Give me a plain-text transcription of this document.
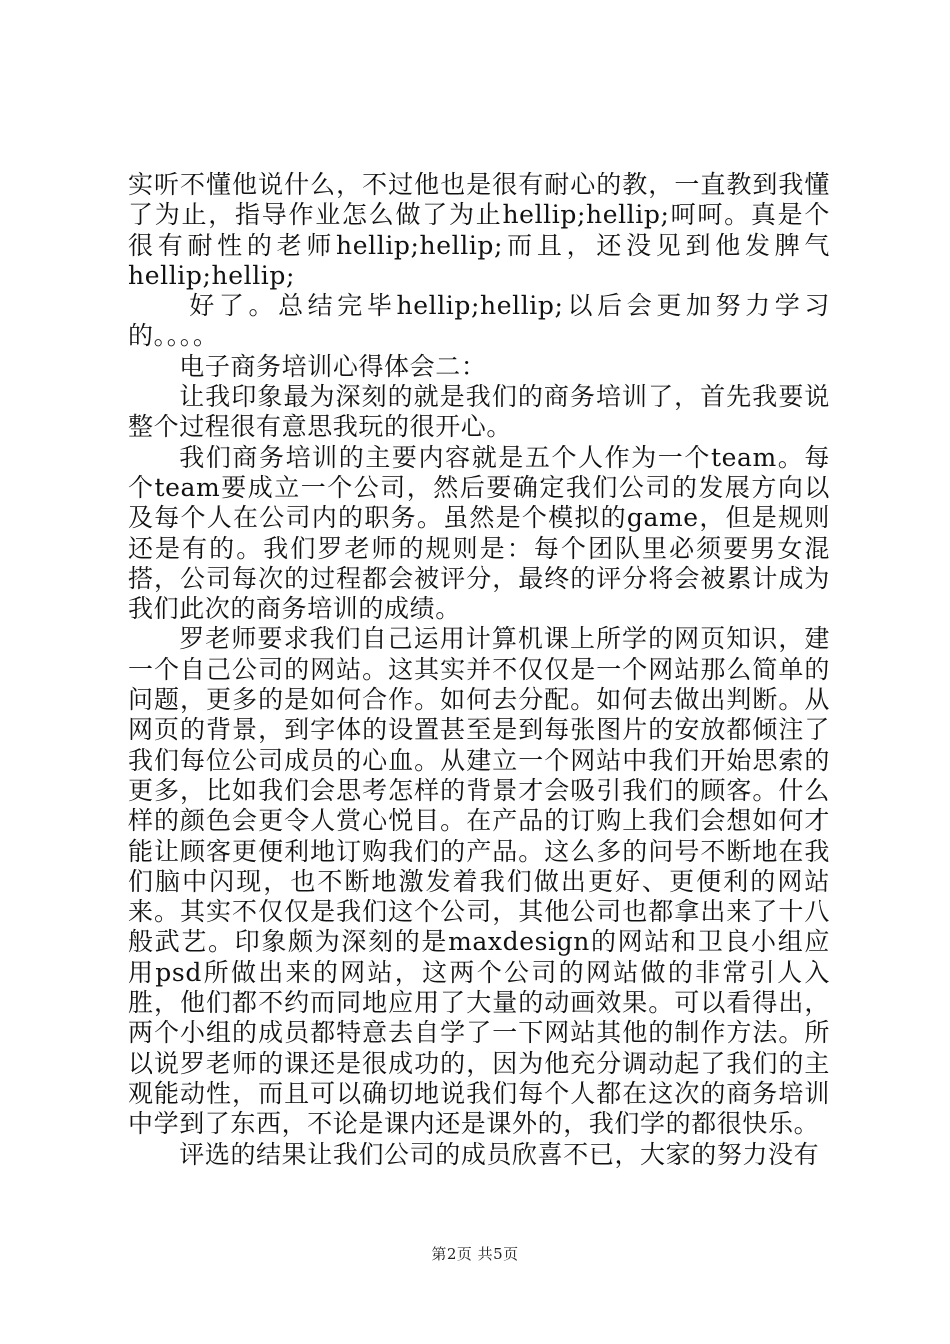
实听不懂他说什么，不过他也是很有耐心的教，一直教到我懂了为止，指导作业怎么做了为止hellip;hellip;呵呵。真是个很有耐性的老师hellip;hellip;而且，还没见到他发脾气hellip;hellip;

好了。总结完毕hellip;hellip;以后会更加努力学习的。。。。

电子商务培训心得体会二：

让我印象最为深刻的就是我们的商务培训了，首先我要说整个过程很有意思我玩的很开心。

我们商务培训的主要内容就是五个人作为一个team。每个team要成立一个公司，然后要确定我们公司的发展方向以及每个人在公司内的职务。虽然是个模拟的game，但是规则还是有的。我们罗老师的规则是：每个团队里必须要男女混搭，公司每次的过程都会被评分，最终的评分将会被累计成为我们此次的商务培训的成绩。

罗老师要求我们自己运用计算机课上所学的网页知识，建一个自己公司的网站。这其实并不仅仅是一个网站那么简单的问题，更多的是如何合作。如何去分配。如何去做出判断。从网页的背景，到字体的设置甚至是到每张图片的安放都倾注了我们每位公司成员的心血。从建立一个网站中我们开始思索的更多，比如我们会思考怎样的背景才会吸引我们的顾客。什么样的颜色会更令人赏心悦目。在产品的订购上我们会想如何才能让顾客更便利地订购我们的产品。这么多的问号不断地在我们脑中闪现，也不断地激发着我们做出更好、更便利的网站来。其实不仅仅是我们这个公司，其他公司也都拿出来了十八般武艺。印象颇为深刻的是maxdesign的网站和卫良小组应用psd所做出来的网站，这两个公司的网站做的非常引人入胜，他们都不约而同地应用了大量的动画效果。可以看得出，两个小组的成员都特意去自学了一下网站其他的制作方法。所以说罗老师的课还是很成功的，因为他充分调动起了我们的主观能动性，而且可以确切地说我们每个人都在这次的商务培训中学到了东西，不论是课内还是课外的，我们学的都很快乐。

评选的结果让我们公司的成员欣喜不已，大家的努力没有

第2页 共5页
